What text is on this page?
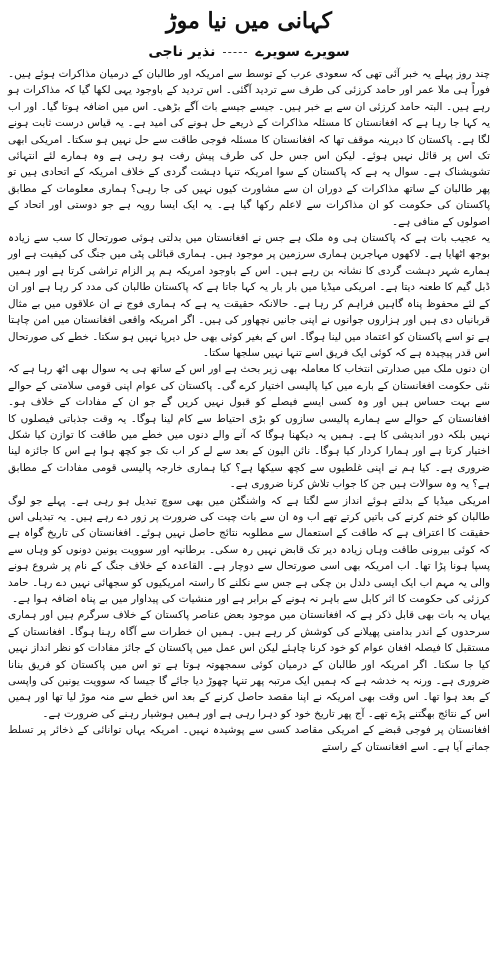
کہانی میں نیا موڑ
سویرے سویرے
نذیر ناجی

چند روز پہلے یہ خبر آئی تھی کہ سعودی عرب کے توسط سے امریکہ اور طالبان کے درمیان مذاکرات ہوئے ہیں۔ فوراً ہی ملا عمر اور حامد کرزئی کی طرف سے تردید آگئی۔ اس تردید کے باوجود یہی لکھا گیا کہ مذاکرات ہو رہے ہیں۔ البتہ حامد کرزئی ان سے بے خبر ہیں۔ جیسے جیسے بات آگے بڑھی۔ اس میں اضافہ ہوتا گیا۔ اور اب یہ کہا جا رہا ہے کہ افغانستان کا مسئلہ مذاکرات کے ذریعے حل ہونے کی امید ہے۔ یہ قیاس درست ثابت ہونے لگا ہے۔ پاکستان کا دیرینہ موقف تھا کہ افغانستان کا مسئلہ فوجی طاقت سے حل نہیں ہو سکتا۔ امریکی ابھی تک اس پر قائل نہیں ہوئے۔ لیکن اس جس حل کی طرف پیش رفت ہو رہی ہے وہ ہمارے لئے انتہائی تشویشناک ہے۔ سوال یہ ہے کہ پاکستان کے سوا امریکہ تنہا دہشت گردی کے خلاف امریکہ کے اتحادی ہیں تو پھر طالبان کے ساتھ مذاکرات کے دوران ان سے مشاورت کیوں نہیں کی جا رہی؟ ہماری معلومات کے مطابق پاکستان کی حکومت کو ان مذاکرات سے لاعلم رکھا گیا ہے۔ یہ ایک ایسا رویہ ہے جو دوستی اور اتحاد کے اصولوں کے منافی ہے۔

یہ عجیب بات ہے کہ پاکستان ہی وہ ملک ہے جس نے افغانستان میں بدلتی ہوئی صورتحال کا سب سے زیادہ بوجھ اٹھایا ہے۔ لاکھوں مہاجرین ہماری سرزمین پر موجود ہیں۔ ہماری قبائلی پٹی میں جنگ کی کیفیت ہے اور ہمارے شہر دہشت گردی کا نشانہ بن رہے ہیں۔ اس کے باوجود امریکہ ہم پر الزام تراشی کرتا ہے اور ہمیں ڈبل گیم کا طعنہ دیتا ہے۔ امریکی میڈیا میں بار بار یہ کہا جاتا ہے کہ پاکستان طالبان کی مدد کر رہا ہے اور ان کے لئے محفوظ پناہ گاہیں فراہم کر رہا ہے۔ حالانکہ حقیقت یہ ہے کہ ہماری فوج نے ان علاقوں میں بے مثال قربانیاں دی ہیں اور ہزاروں جوانوں نے اپنی جانیں نچھاور کی ہیں۔ اگر امریکہ واقعی افغانستان میں امن چاہتا ہے تو اسے پاکستان کو اعتماد میں لینا ہوگا۔ اس کے بغیر کوئی بھی حل دیرپا نہیں ہو سکتا۔ خطے کی صورتحال اس قدر پیچیدہ ہے کہ کوئی ایک فریق اسے تنہا نہیں سلجھا سکتا۔

ان دنوں ملک میں صدارتی انتخاب کا معاملہ بھی زیر بحث ہے اور اس کے ساتھ ہی یہ سوال بھی اٹھ رہا ہے کہ نئی حکومت افغانستان کے بارے میں کیا پالیسی اختیار کرے گی۔ پاکستان کی عوام اپنی قومی سلامتی کے حوالے سے بہت حساس ہیں اور وہ کسی ایسے فیصلے کو قبول نہیں کریں گے جو ان کے مفادات کے خلاف ہو۔ افغانستان کے حوالے سے ہمارے پالیسی سازوں کو بڑی احتیاط سے کام لینا ہوگا۔ یہ وقت جذباتی فیصلوں کا نہیں بلکہ دور اندیشی کا ہے۔ ہمیں یہ دیکھنا ہوگا کہ آنے والے دنوں میں خطے میں طاقت کا توازن کیا شکل اختیار کرتا ہے اور ہمارا کردار کیا ہوگا۔ نائن الیون کے بعد سے لے کر اب تک جو کچھ ہوا ہے اس کا جائزہ لینا ضروری ہے۔ کیا ہم نے اپنی غلطیوں سے کچھ سیکھا ہے؟ کیا ہماری خارجہ پالیسی قومی مفادات کے مطابق ہے؟ یہ وہ سوالات ہیں جن کا جواب تلاش کرنا ضروری ہے۔

امریکی میڈیا کے بدلتے ہوئے انداز سے لگتا ہے کہ واشنگٹن میں بھی سوچ تبدیل ہو رہی ہے۔ پہلے جو لوگ طالبان کو ختم کرنے کی باتیں کرتے تھے اب وہ ان سے بات چیت کی ضرورت پر زور دے رہے ہیں۔ یہ تبدیلی اس حقیقت کا اعتراف ہے کہ طاقت کے استعمال سے مطلوبہ نتائج حاصل نہیں ہوئے۔ افغانستان کی تاریخ گواہ ہے کہ کوئی بیرونی طاقت وہاں زیادہ دیر تک قابض نہیں رہ سکی۔ برطانیہ اور سوویت یونین دونوں کو وہاں سے پسپا ہونا پڑا تھا۔ اب امریکہ بھی اسی صورتحال سے دوچار ہے۔ القاعدہ کے خلاف جنگ کے نام پر شروع ہونے والی یہ مہم اب ایک ایسی دلدل بن چکی ہے جس سے نکلنے کا راستہ امریکیوں کو سجھائی نہیں دے رہا۔ حامد کرزئی کی حکومت کا اثر کابل سے باہر نہ ہونے کے برابر ہے اور منشیات کی پیداوار میں بے پناہ اضافہ ہوا ہے۔

یہاں یہ بات بھی قابل ذکر ہے کہ افغانستان میں موجود بعض عناصر پاکستان کے خلاف سرگرم ہیں اور ہماری سرحدوں کے اندر بدامنی پھیلانے کی کوشش کر رہے ہیں۔ ہمیں ان خطرات سے آگاہ رہنا ہوگا۔ افغانستان کے مستقبل کا فیصلہ افغان عوام کو خود کرنا چاہئے لیکن اس عمل میں پاکستان کے جائز مفادات کو نظر انداز نہیں کیا جا سکتا۔ اگر امریکہ اور طالبان کے درمیان کوئی سمجھوتہ ہوتا ہے تو اس میں پاکستان کو فریق بنانا ضروری ہے۔ ورنہ یہ خدشہ ہے کہ ہمیں ایک مرتبہ پھر تنہا چھوڑ دیا جائے گا جیسا کہ سوویت یونین کی واپسی کے بعد ہوا تھا۔ اس وقت بھی امریکہ نے اپنا مقصد حاصل کرنے کے بعد اس خطے سے منہ موڑ لیا تھا اور ہمیں اس کے نتائج بھگتنے پڑے تھے۔ آج پھر تاریخ خود کو دہرا رہی ہے اور ہمیں ہوشیار رہنے کی ضرورت ہے۔

افغانستان پر فوجی قبضے کے امریکی مقاصد کسی سے پوشیدہ نہیں۔ امریکہ یہاں توانائی کے ذخائر پر تسلط جمانے آیا ہے۔ اسے افغانستان کے راستے
